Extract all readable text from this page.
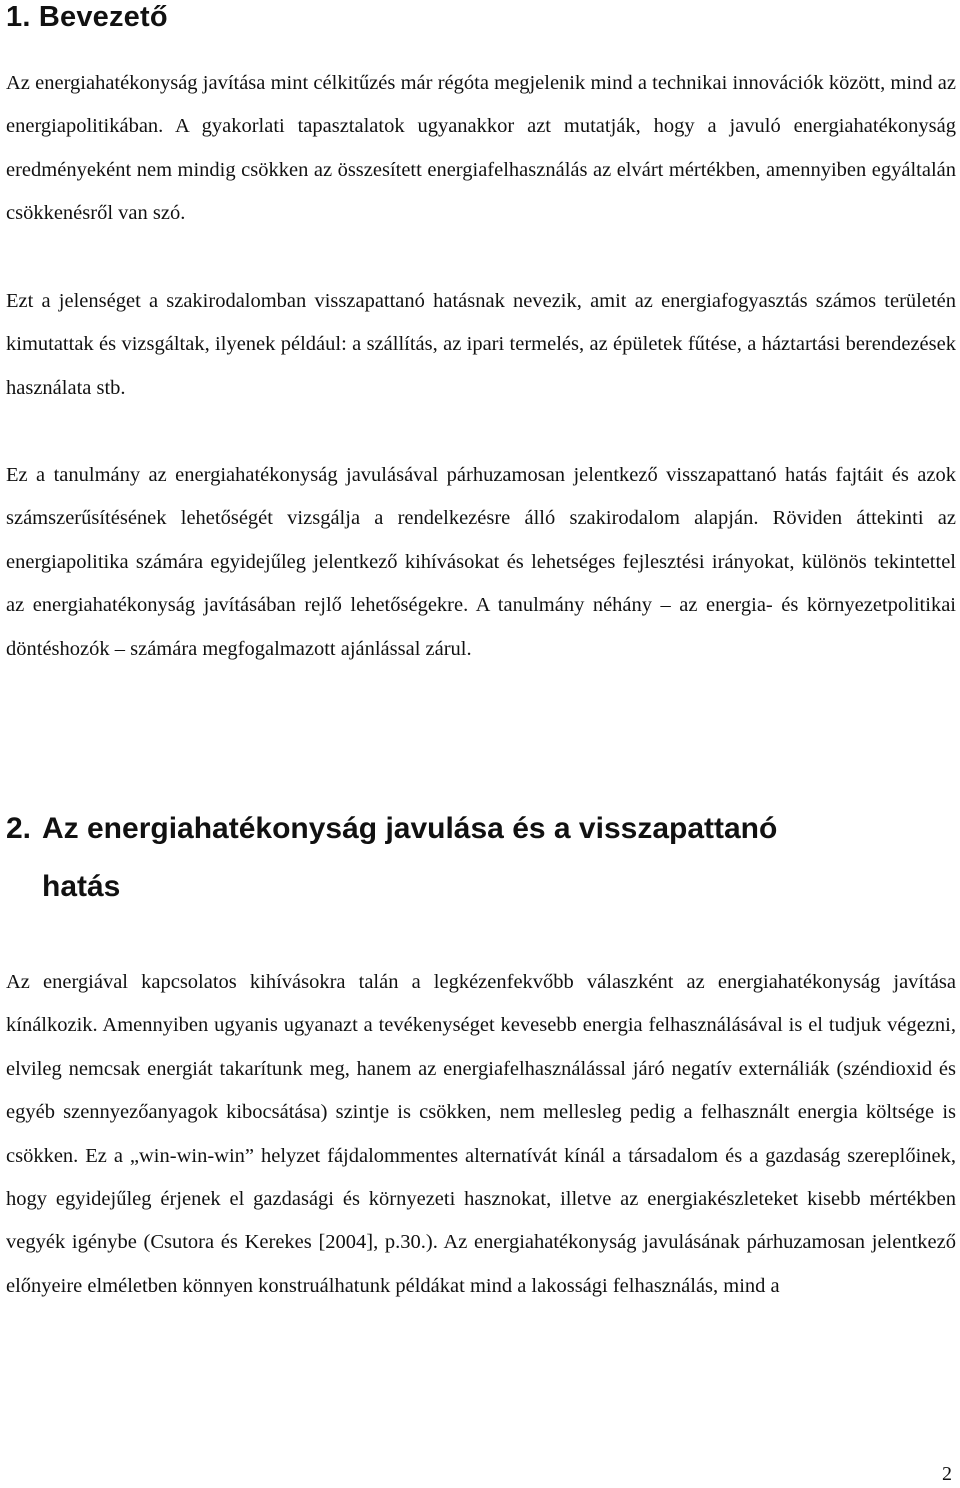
1. Bevezető

Az energiahatékonyság javítása mint célkitűzés már régóta megjelenik mind a technikai innovációk között, mind az energiapolitikában. A gyakorlati tapasztalatok ugyanakkor azt mutatják, hogy a javuló energiahatékonyság eredményeként nem mindig csökken az összesített energiafelhasználás az elvárt mértékben, amennyiben egyáltalán csökkenésről van szó.

Ezt a jelenséget a szakirodalomban visszapattanó hatásnak nevezik, amit az energiafogyasztás számos területén kimutattak és vizsgáltak, ilyenek például: a szállítás, az ipari termelés, az épületek fűtése, a háztartási berendezések használata stb.

Ez a tanulmány az energiahatékonyság javulásával párhuzamosan jelentkező visszapattanó hatás fajtáit és azok számszerűsítésének lehetőségét vizsgálja a rendelkezésre álló szakirodalom alapján. Röviden áttekinti az energiapolitika számára egyidejűleg jelentkező kihívásokat és lehetséges fejlesztési irányokat, különös tekintettel az energiahatékonyság javításában rejlő lehetőségekre. A tanulmány néhány – az energia- és környezetpolitikai döntéshozók – számára megfogalmazott ajánlással zárul.

2. Az energiahatékonyság javulása és a visszapattanó
hatás

Az energiával kapcsolatos kihívásokra talán a legkézenfekvőbb válaszként az energiahatékonyság javítása kínálkozik. Amennyiben ugyanis ugyanazt a tevékenységet kevesebb energia felhasználásával is el tudjuk végezni, elvileg nemcsak energiát takarítunk meg, hanem az energiafelhasználással járó negatív externáliák (széndioxid és egyéb szennyezőanyagok kibocsátása) szintje is csökken, nem mellesleg pedig a felhasznált energia költsége is csökken. Ez a „win-win-win” helyzet fájdalommentes alternatívát kínál a társadalom és a gazdaság szereplőinek, hogy egyidejűleg érjenek el gazdasági és környezeti hasznokat, illetve az energiakészleteket kisebb mértékben vegyék igénybe (Csutora és Kerekes [2004], p.30.). Az energiahatékonyság javulásának párhuzamosan jelentkező előnyeire elméletben könnyen konstruálhatunk példákat mind a lakossági felhasználás, mind a

2
